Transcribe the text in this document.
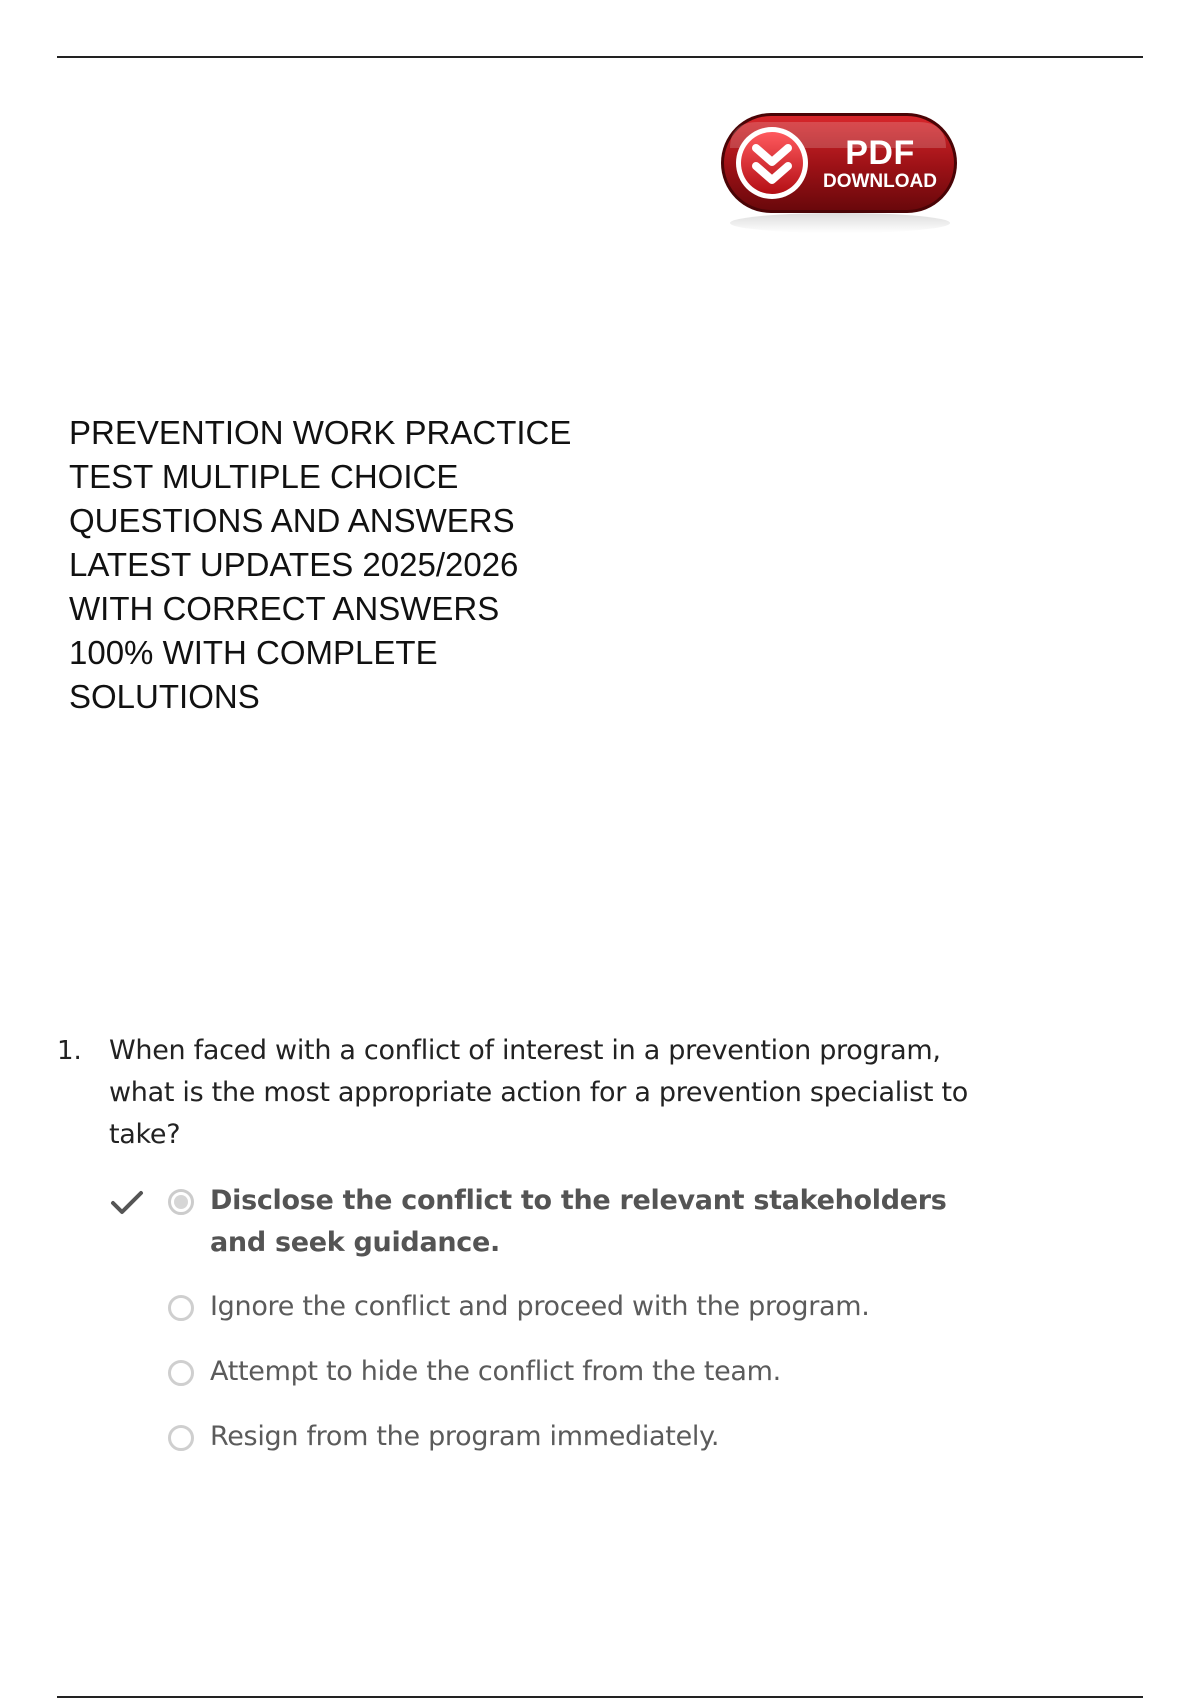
PDF
DOWNLOAD
PREVENTION WORK PRACTICE TEST MULTIPLE CHOICE QUESTIONS AND ANSWERS LATEST UPDATES 2025/2026 WITH CORRECT ANSWERS 100% WITH COMPLETE SOLUTIONS
1. When faced with a conflict of interest in a prevention program, what is the most appropriate action for a prevention specialist to take?

Disclose the conflict to the relevant stakeholders and seek guidance.
Ignore the conflict and proceed with the program.
Attempt to hide the conflict from the team.
Resign from the program immediately.
